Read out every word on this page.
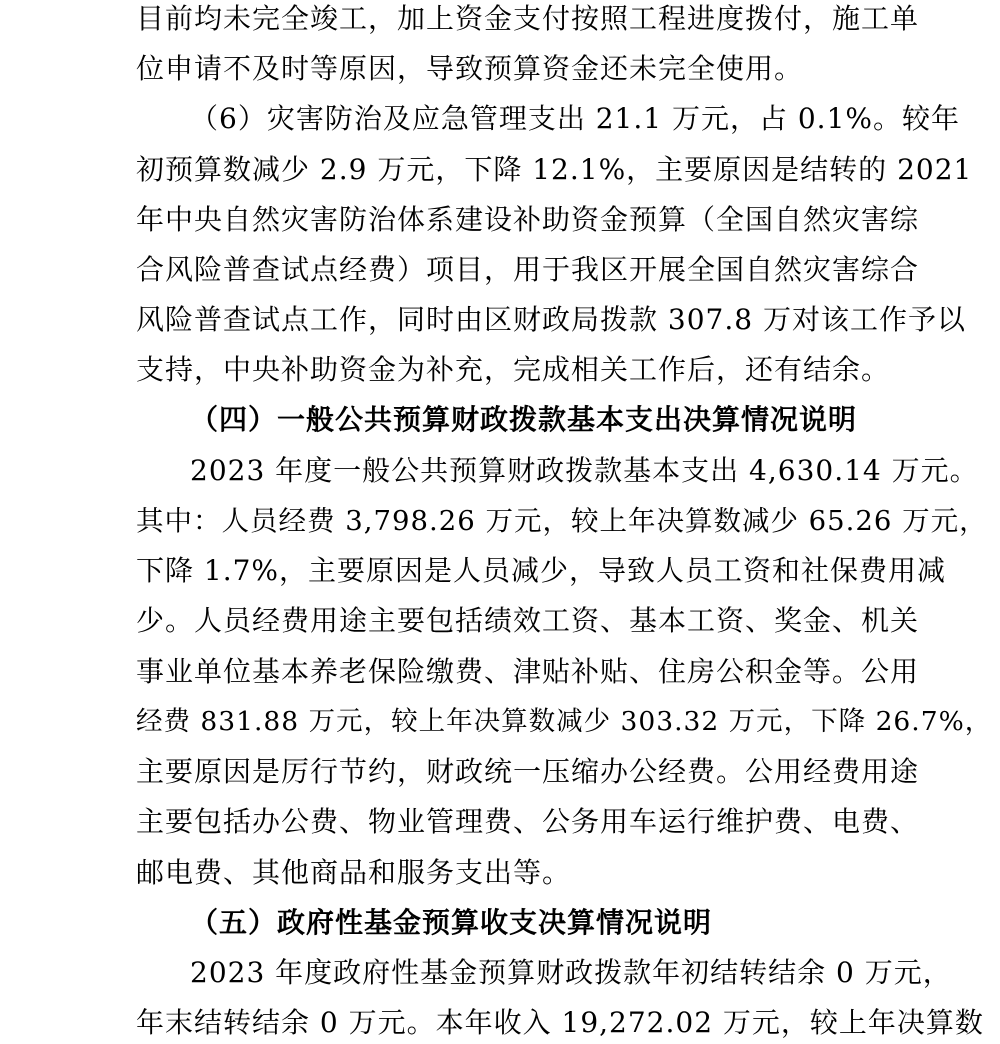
目前均未完全竣工，加上资金支付按照工程进度拨付，施工单
位申请不及时等原因，导致预算资金还未完全使用。
（6）灾害防治及应急管理支出 21.1 万元，占 0.1%。较年
初预算数减少 2.9 万元，下降 12.1%，主要原因是结转的 2021
年中央自然灾害防治体系建设补助资金预算（全国自然灾害综
合风险普查试点经费）项目，用于我区开展全国自然灾害综合
风险普查试点工作，同时由区财政局拨款 307.8 万对该工作予以
支持，中央补助资金为补充，完成相关工作后，还有结余。
（四）一般公共预算财政拨款基本支出决算情况说明
2023 年度一般公共预算财政拨款基本支出 4,630.14 万元。
其中：人员经费 3,798.26 万元，较上年决算数减少 65.26 万元，
下降 1.7%，主要原因是人员减少，导致人员工资和社保费用减
少。人员经费用途主要包括绩效工资、基本工资、奖金、机关
事业单位基本养老保险缴费、津贴补贴、住房公积金等。公用
经费 831.88 万元，较上年决算数减少 303.32 万元，下降 26.7%，
主要原因是厉行节约，财政统一压缩办公经费。公用经费用途
主要包括办公费、物业管理费、公务用车运行维护费、电费、
邮电费、其他商品和服务支出等。
（五）政府性基金预算收支决算情况说明
2023 年度政府性基金预算财政拨款年初结转结余 0 万元，
年末结转结余 0 万元。本年收入 19,272.02 万元，较上年决算数
